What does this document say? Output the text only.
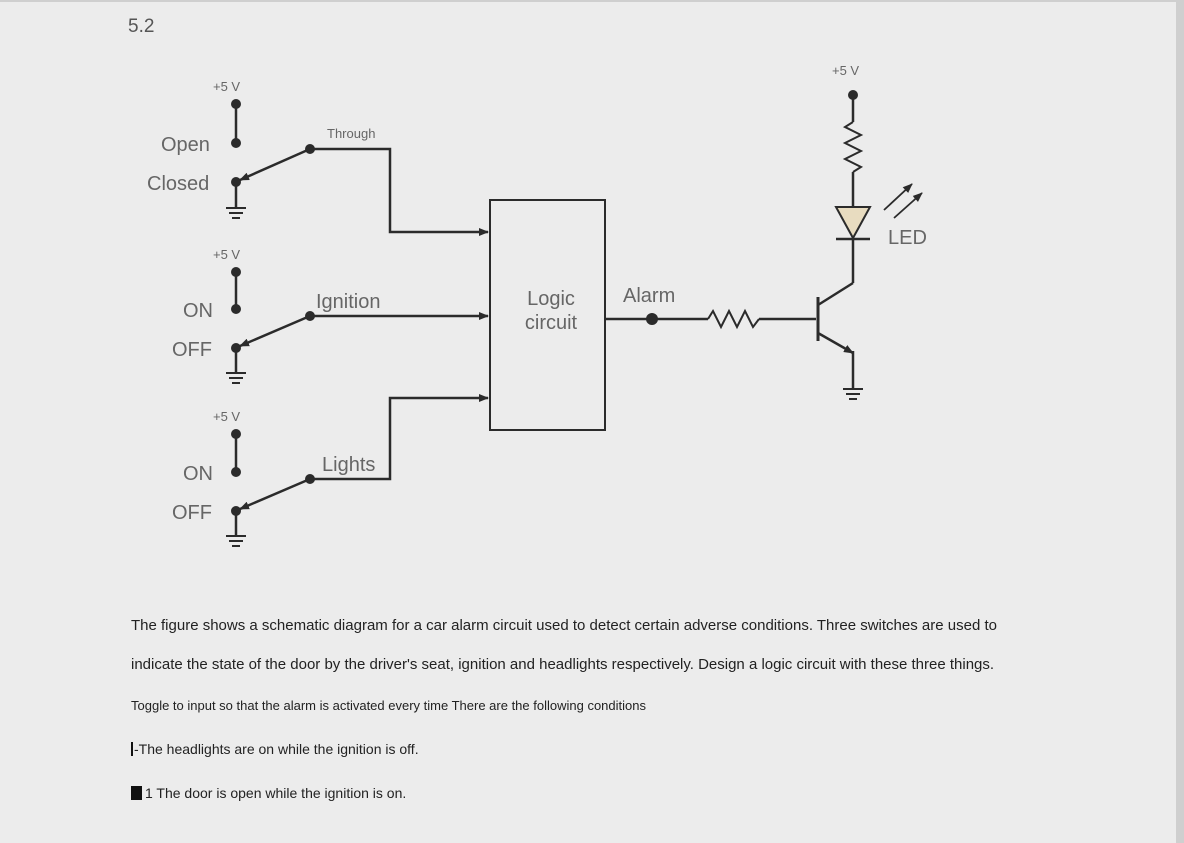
5.2
+5 V
Open
Closed
Through
+5 V
ON
OFF
Ignition
+5 V
ON
OFF
Lights
Logic
circuit
Alarm
+5 V
LED
The figure shows a schematic diagram for a car alarm circuit used to detect certain adverse conditions. Three switches are used to
indicate the state of the door by the driver's seat, ignition and headlights respectively. Design a logic circuit with these three things.
Toggle to input so that the alarm is activated every time There are the following conditions
-The headlights are on while the ignition is off.
1 The door is open while the ignition is on.
